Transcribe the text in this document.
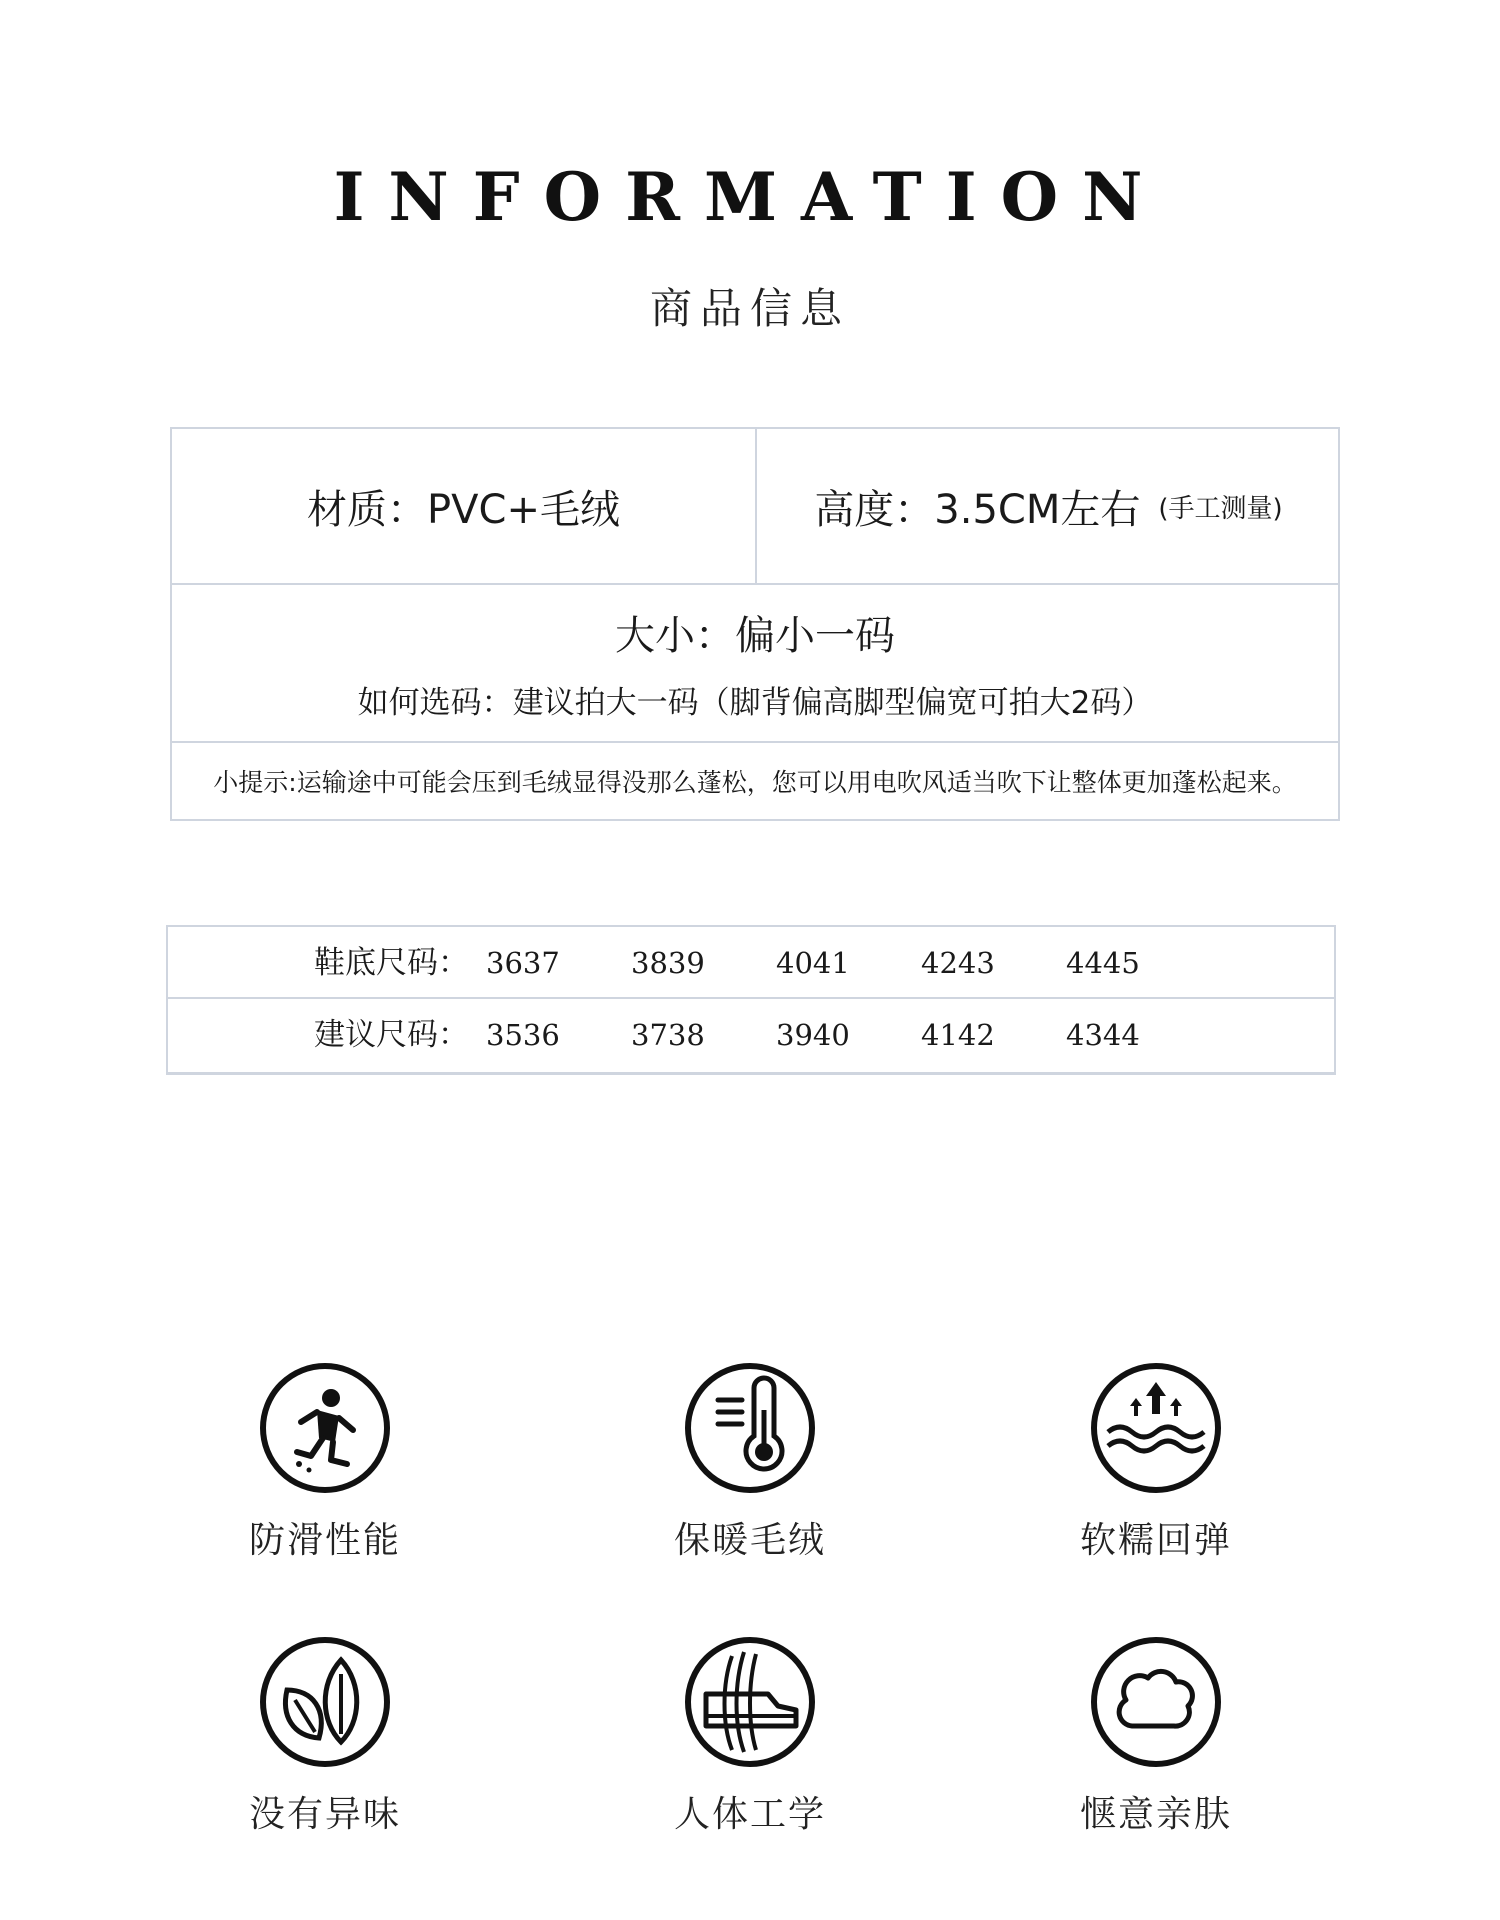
INFORMATION
商品信息
材质：PVC+毛绒	高度：3.5CM左右 (手工测量)
大小：偏小一码
如何选码：建议拍大一码（脚背偏高脚型偏宽可拍大2码）
小提示:运输途中可能会压到毛绒显得没那么蓬松，您可以用电吹风适当吹下让整体更加蓬松起来。
鞋底尺码： 3637 3839 4041 4243 4445
建议尺码： 3536 3738 3940 4142 4344
防滑性能	保暖毛绒	软糯回弹
没有异味	人体工学	惬意亲肤
